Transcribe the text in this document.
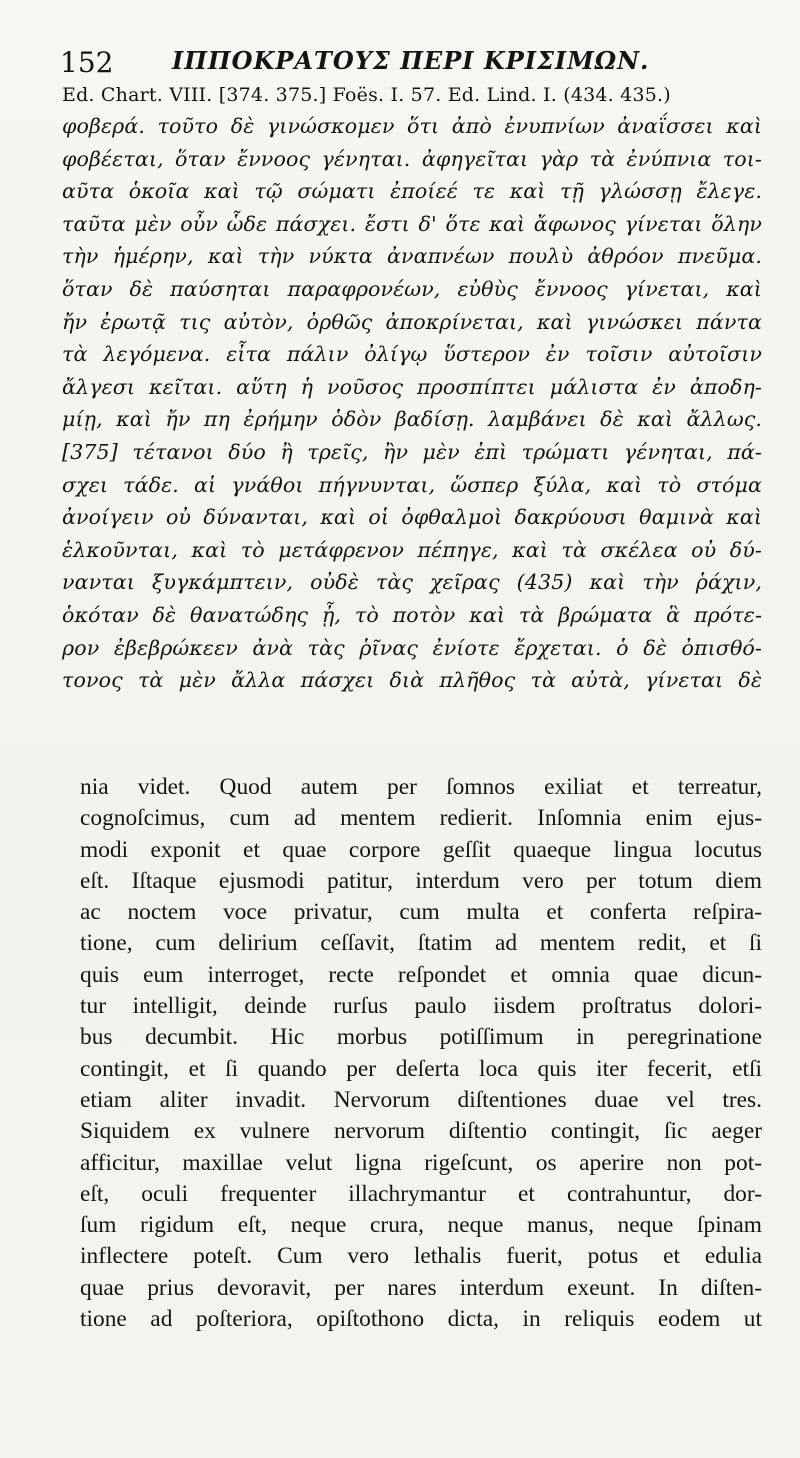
152 ΙΠΠΟΚΡΑΤΟΥΣ ΠΕΡΙ ΚΡΙΣΙΜΩΝ.
Ed. Chart. VIII. [374. 375.] Foës. I. 57. Ed. Lind. I. (434. 435.)
φοβερά. τοῦτο δὲ γινώσκομεν ὅτι ἀπὸ ἐνυπνίων ἀναΐσσει καὶ
φοβέεται, ὅταν ἔννοος γένηται. ἀφηγεῖται γὰρ τὰ ἐνύπνια τοι-
αῦτα ὁκοῖα καὶ τῷ σώματι ἐποίεέ τε καὶ τῇ γλώσσῃ ἔλεγε.
ταῦτα μὲν οὖν ὧδε πάσχει. ἔστι δ' ὅτε καὶ ἄφωνος γίνεται ὅλην
τὴν ἡμέρην, καὶ τὴν νύκτα ἀναπνέων πουλὺ ἀθρόον πνεῦμα.
ὅταν δὲ παύσηται παραφρονέων, εὐθὺς ἔννοος γίνεται, καὶ
ἤν ἐρωτᾷ τις αὐτὸν, ὀρθῶς ἀποκρίνεται, καὶ γινώσκει πάντα
τὰ λεγόμενα. εἶτα πάλιν ὀλίγῳ ὕστερον ἐν τοῖσιν αὐτοῖσιν
ἄλγεσι κεῖται. αὕτη ἡ νοῦσος προσπίπτει μάλιστα ἐν ἀποδη-
μίῃ, καὶ ἤν πη ἐρήμην ὁδὸν βαδίσῃ. λαμβάνει δὲ καὶ ἄλλως.
[375] τέτανοι δύο ἢ τρεῖς, ἢν μὲν ἐπὶ τρώματι γένηται, πά-
σχει τάδε. αἱ γνάθοι πήγνυνται, ὥσπερ ξύλα, καὶ τὸ στόμα
ἀνοίγειν οὐ δύνανται, καὶ οἱ ὀφθαλμοὶ δακρύουσι θαμινὰ καὶ
ἑλκοῦνται, καὶ τὸ μετάφρενον πέπηγε, καὶ τὰ σκέλεα οὐ δύ-
νανται ξυγκάμπτειν, οὐδὲ τὰς χεῖρας (435) καὶ τὴν ῥάχιν,
ὁκόταν δὲ θανατώδης ᾖ, τὸ ποτὸν καὶ τὰ βρώματα ἃ πρότε-
ρον ἐβεβρώκεεν ἀνὰ τὰς ῥῖνας ἐνίοτε ἔρχεται. ὁ δὲ ὀπισθό-
τονος τὰ μὲν ἄλλα πάσχει διὰ πλῆθος τὰ αὐτὰ, γίνεται δὲ
nia videt. Quod autem per ſomnos exiliat et terreatur,
cognoſcimus, cum ad mentem redierit. Inſomnia enim ejus-
modi exponit et quae corpore geſſit quaeque lingua locutus
eſt. Iſtaque ejusmodi patitur, interdum vero per totum diem
ac noctem voce privatur, cum multa et conferta reſpira-
tione, cum delirium ceſſavit, ſtatim ad mentem redit, et ſi
quis eum interroget, recte reſpondet et omnia quae dicun-
tur intelligit, deinde rurſus paulo iisdem proſtratus dolori-
bus decumbit. Hic morbus potiſſimum in peregrinatione
contingit, et ſi quando per deſerta loca quis iter fecerit, etſi
etiam aliter invadit. Nervorum diſtentiones duae vel tres.
Siquidem ex vulnere nervorum diſtentio contingit, ſic aeger
afficitur, maxillae velut ligna rigeſcunt, os aperire non pot-
eſt, oculi frequenter illachrymantur et contrahuntur, dor-
ſum rigidum eſt, neque crura, neque manus, neque ſpinam
inflectere poteſt. Cum vero lethalis fuerit, potus et edulia
quae prius devoravit, per nares interdum exeunt. In diſten-
tione ad poſteriora, opiſtothono dicta, in reliquis eodem ut
